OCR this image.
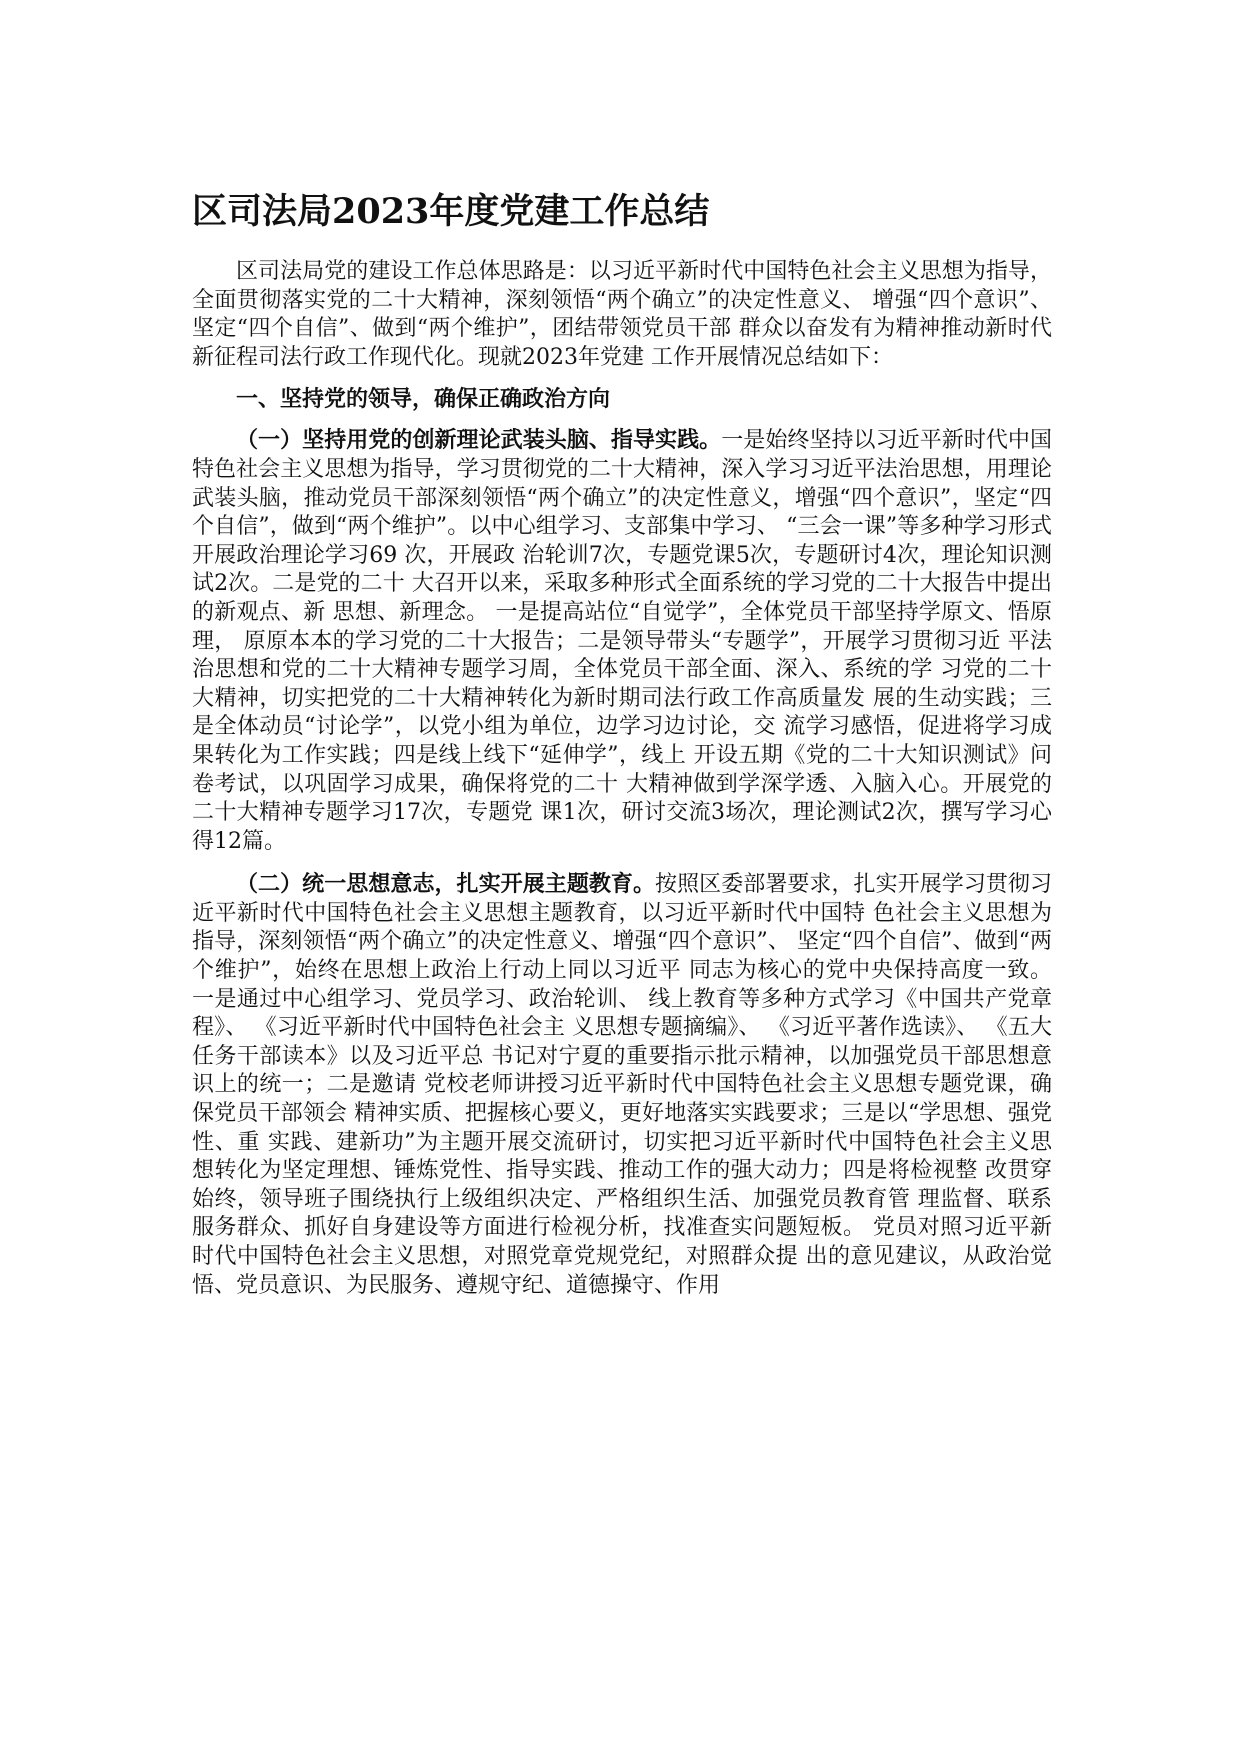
区司法局2023年度党建工作总结

区司法局党的建设工作总体思路是：以习近平新时代中国特色社会主义思想为指导，全面贯彻落实党的二十大精神，深刻领悟“两个确立”的决定性意义、 增强“四个意识”、坚定“四个自信”、做到“两个维护”，团结带领党员干部 群众以奋发有为精神推动新时代新征程司法行政工作现代化。现就2023年党建 工作开展情况总结如下：

一、坚持党的领导，确保正确政治方向

（一）坚持用党的创新理论武装头脑、指导实践。一是始终坚持以习近平新时代中国特色社会主义思想为指导，学习贯彻党的二十大精神，深入学习习近平法治思想，用理论武装头脑，推动党员干部深刻领悟“两个确立”的决定性意义，增强“四个意识”，坚定“四个自信”，做到“两个维护”。以中心组学习、支部集中学习、 “三会一课”等多种学习形式开展政治理论学习69 次，开展政 治轮训7次，专题党课5次，专题研讨4次，理论知识测试2次。二是党的二十 大召开以来，采取多种形式全面系统的学习党的二十大报告中提出的新观点、新 思想、新理念。 一是提高站位“自觉学”，全体党员干部坚持学原文、悟原理， 原原本本的学习党的二十大报告；二是领导带头“专题学”，开展学习贯彻习近 平法治思想和党的二十大精神专题学习周，全体党员干部全面、深入、系统的学 习党的二十大精神，切实把党的二十大精神转化为新时期司法行政工作高质量发 展的生动实践；三是全体动员“讨论学”，以党小组为单位，边学习边讨论，交 流学习感悟，促进将学习成果转化为工作实践；四是线上线下“延伸学”，线上 开设五期《党的二十大知识测试》问卷考试，以巩固学习成果，确保将党的二十 大精神做到学深学透、入脑入心。开展党的二十大精神专题学习17次，专题党 课1次，研讨交流3场次，理论测试2次，撰写学习心得12篇。

（二）统一思想意志，扎实开展主题教育。按照区委部署要求，扎实开展学习贯彻习近平新时代中国特色社会主义思想主题教育，以习近平新时代中国特 色社会主义思想为指导，深刻领悟“两个确立”的决定性意义、增强“四个意识”、 坚定“四个自信”、做到“两个维护”，始终在思想上政治上行动上同以习近平 同志为核心的党中央保持高度一致。 一是通过中心组学习、党员学习、政治轮训、 线上教育等多种方式学习《中国共产党章程》、 《习近平新时代中国特色社会主 义思想专题摘编》、 《习近平著作选读》、 《五大任务干部读本》以及习近平总 书记对宁夏的重要指示批示精神，以加强党员干部思想意识上的统一；二是邀请 党校老师讲授习近平新时代中国特色社会主义思想专题党课，确保党员干部领会 精神实质、把握核心要义，更好地落实实践要求；三是以“学思想、强党性、重 实践、建新功”为主题开展交流研讨，切实把习近平新时代中国特色社会主义思 想转化为坚定理想、锤炼党性、指导实践、推动工作的强大动力；四是将检视整 改贯穿始终，领导班子围绕执行上级组织决定、严格组织生活、加强党员教育管 理监督、联系服务群众、抓好自身建设等方面进行检视分析，找准查实问题短板。 党员对照习近平新时代中国特色社会主义思想，对照党章党规党纪，对照群众提 出的意见建议，从政治觉悟、党员意识、为民服务、遵规守纪、道德操守、作用
